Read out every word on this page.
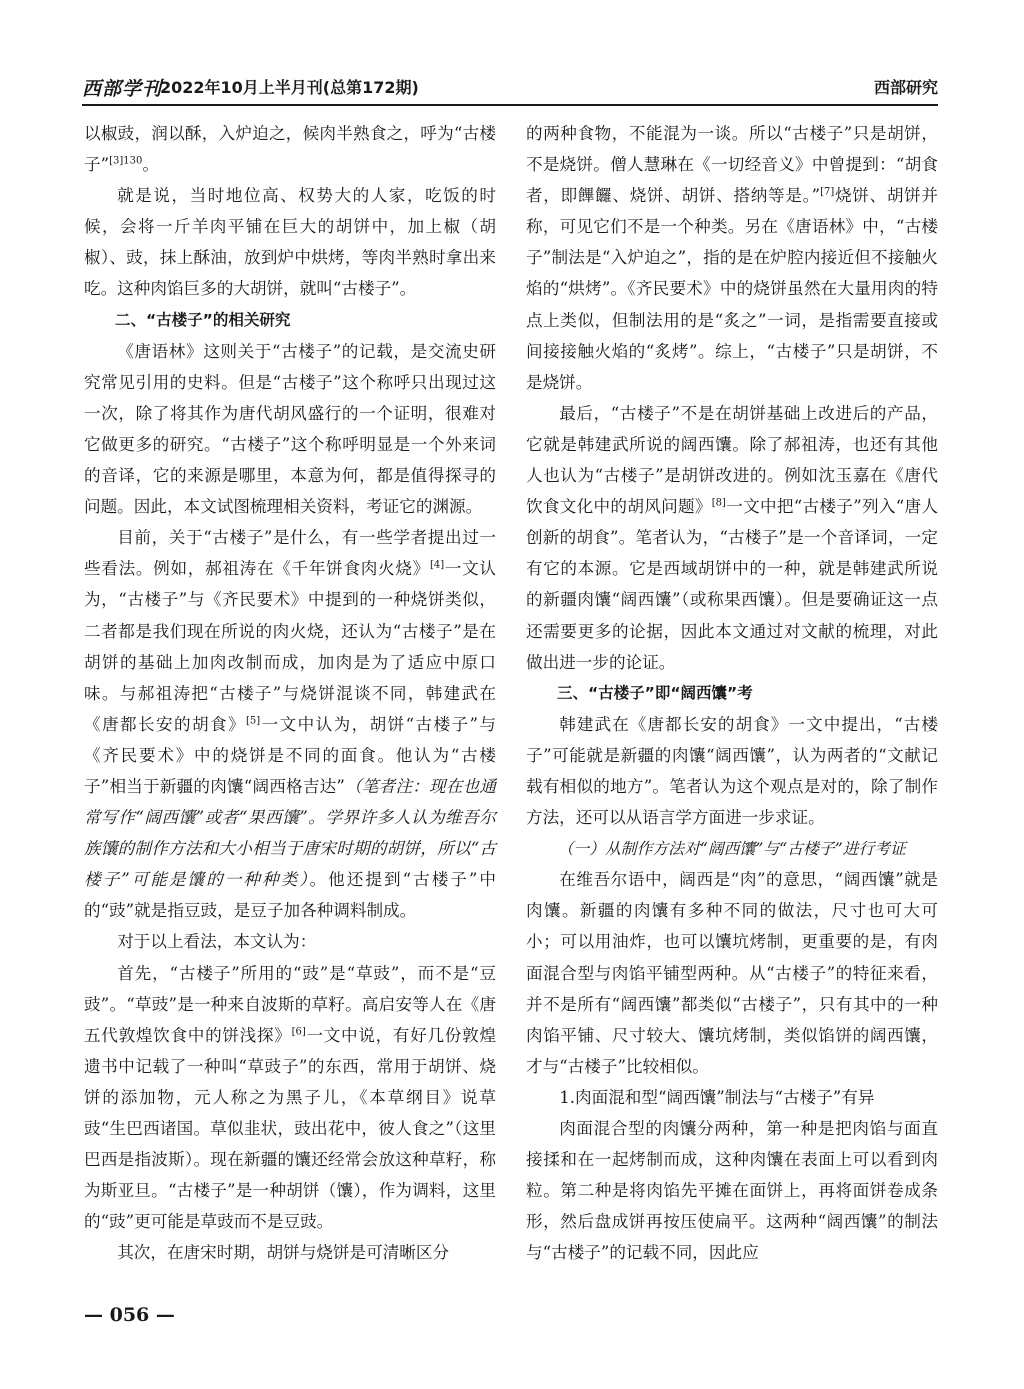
西部学刊
2022年10月上半月刊(总第172期)	西部研究

以椒豉，润以酥，入炉迫之，候肉半熟食之，呼为“古楼子”$^{[3]130}$。

就是说，当时地位高、权势大的人家，吃饭的时候，会将一斤羊肉平铺在巨大的胡饼中，加上椒（胡椒）、豉，抹上酥油，放到炉中烘烤，等肉半熟时拿出来吃。这种肉馅巨多的大胡饼，就叫“古楼子”。

二、“古楼子”的相关研究

《唐语林》这则关于“古楼子”的记载，是交流史研究常见引用的史料。但是“古楼子”这个称呼只出现过这一次，除了将其作为唐代胡风盛行的一个证明，很难对它做更多的研究。“古楼子”这个称呼明显是一个外来词的音译，它的来源是哪里，本意为何，都是值得探寻的问题。因此，本文试图梳理相关资料，考证它的渊源。

目前，关于“古楼子”是什么，有一些学者提出过一些看法。例如，郝祖涛在《千年饼食肉火烧》[4]一文认为，“古楼子”与《齐民要术》中提到的一种烧饼类似，二者都是我们现在所说的肉火烧，还认为“古楼子”是在胡饼的基础上加肉改制而成，加肉是为了适应中原口味。与郝祖涛把“古楼子”与烧饼混谈不同，韩建武在《唐都长安的胡食》[5]一文中认为，胡饼“古楼子”与《齐民要术》中的烧饼是不同的面食。他认为“古楼子”相当于新疆的肉馕“阔西格吉达”（笔者注：现在也通常写作“阔西馕”或者“果西馕”。学界许多人认为维吾尔族馕的制作方法和大小相当于唐宋时期的胡饼，所以“古楼子”可能是馕的一种种类）。他还提到“古楼子”中的“豉”就是指豆豉，是豆子加各种调料制成。

对于以上看法，本文认为：

首先，“古楼子”所用的“豉”是“草豉”，而不是“豆豉”。“草豉”是一种来自波斯的草籽。高启安等人在《唐五代敦煌饮食中的饼浅探》[6]一文中说，有好几份敦煌遗书中记载了一种叫“草豉子”的东西，常用于胡饼、烧饼的添加物，元人称之为黑子儿，《本草纲目》说草豉“生巴西诸国。草似韭状，豉出花中，彼人食之”（这里巴西是指波斯）。现在新疆的馕还经常会放这种草籽，称为斯亚旦。“古楼子”是一种胡饼（馕），作为调料，这里的“豉”更可能是草豉而不是豆豉。

其次，在唐宋时期，胡饼与烧饼是可清晰区分

的两种食物，不能混为一谈。所以“古楼子”只是胡饼，不是烧饼。僧人慧琳在《一切经音义》中曾提到：“胡食者，即饆饠、烧饼、胡饼、搭纳等是。”[7]烧饼、胡饼并称，可见它们不是一个种类。另在《唐语林》中，“古楼子”制法是“入炉迫之”，指的是在炉腔内接近但不接触火焰的“烘烤”。《齐民要术》中的烧饼虽然在大量用肉的特点上类似，但制法用的是“炙之”一词，是指需要直接或间接接触火焰的“炙烤”。综上，“古楼子”只是胡饼，不是烧饼。

最后，“古楼子”不是在胡饼基础上改进后的产品，它就是韩建武所说的阔西馕。除了郝祖涛，也还有其他人也认为“古楼子”是胡饼改进的。例如沈玉嘉在《唐代饮食文化中的胡风问题》[8]一文中把“古楼子”列入“唐人创新的胡食”。笔者认为，“古楼子”是一个音译词，一定有它的本源。它是西域胡饼中的一种，就是韩建武所说的新疆肉馕“阔西馕”（或称果西馕）。但是要确证这一点还需要更多的论据，因此本文通过对文献的梳理，对此做出进一步的论证。

三、“古楼子”即“阔西馕”考

韩建武在《唐都长安的胡食》一文中提出，“古楼子”可能就是新疆的肉馕“阔西馕”，认为两者的“文献记载有相似的地方”。笔者认为这个观点是对的，除了制作方法，还可以从语言学方面进一步求证。

（一）从制作方法对“阔西馕”与“古楼子”进行考证

在维吾尔语中，阔西是“肉”的意思，“阔西馕”就是肉馕。新疆的肉馕有多种不同的做法，尺寸也可大可小；可以用油炸，也可以馕坑烤制，更重要的是，有肉面混合型与肉馅平铺型两种。从“古楼子”的特征来看，并不是所有“阔西馕”都类似“古楼子”，只有其中的一种肉馅平铺、尺寸较大、馕坑烤制，类似馅饼的阔西馕，才与“古楼子”比较相似。

1.肉面混和型“阔西馕”制法与“古楼子”有异

肉面混合型的肉馕分两种，第一种是把肉馅与面直接揉和在一起烤制而成，这种肉馕在表面上可以看到肉粒。第二种是将肉馅先平摊在面饼上，再将面饼卷成条形，然后盘成饼再按压使扁平。这两种“阔西馕”的制法与“古楼子”的记载不同，因此应

— 056 —
